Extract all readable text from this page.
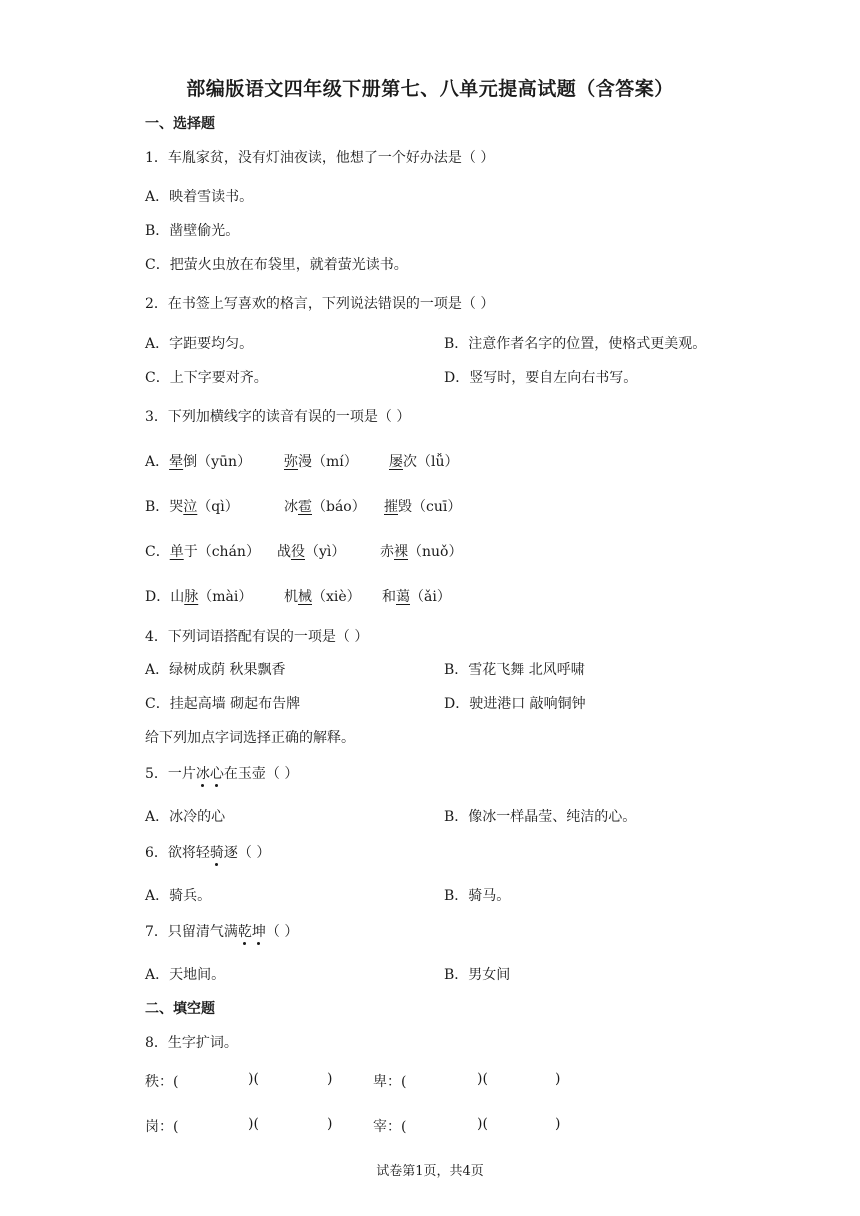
部编版语文四年级下册第七、八单元提高试题（含答案）
一、选择题
1．车胤家贫，没有灯油夜读，他想了一个好办法是（ ）
A．映着雪读书。
B．凿壁偷光。
C．把萤火虫放在布袋里，就着萤光读书。
2．在书签上写喜欢的格言，下列说法错误的一项是（ ）
A．字距要均匀。	B．注意作者名字的位置，使格式更美观。
C．上下字要对齐。	D．竖写时，要自左向右书写。
3．下列加横线字的读音有误的一项是（ ）
A．晕倒（yūn） 弥漫（mí） 屡次（lǚ）
B．哭泣（qì）	冰雹（báo） 摧毁（cuī）
C．单于（chán） 战役（yì） 赤裸（nuǒ）
D．山脉（mài） 机械（xiè） 和蔼（ǎi）
4．下列词语搭配有误的一项是（ ）
A．绿树成荫 秋果飘香	B．雪花飞舞 北风呼啸
C．挂起高墙 砌起布告牌	D．驶进港口 敲响铜钟
给下列加点字词选择正确的解释。
5．一片冰心在玉壶（ ）
A．冰冷的心	B．像冰一样晶莹、纯洁的心。
6．欲将轻骑逐（ ）
A．骑兵。	B．骑马。
7．只留清气满乾坤（ ）
A．天地间。	B．男女间
二、填空题
8．生字扩词。
秩：(	)(	)	卑：(	)(	)
岗：(	)(	)	宰：(	)(	)
试卷第1页，共4页
